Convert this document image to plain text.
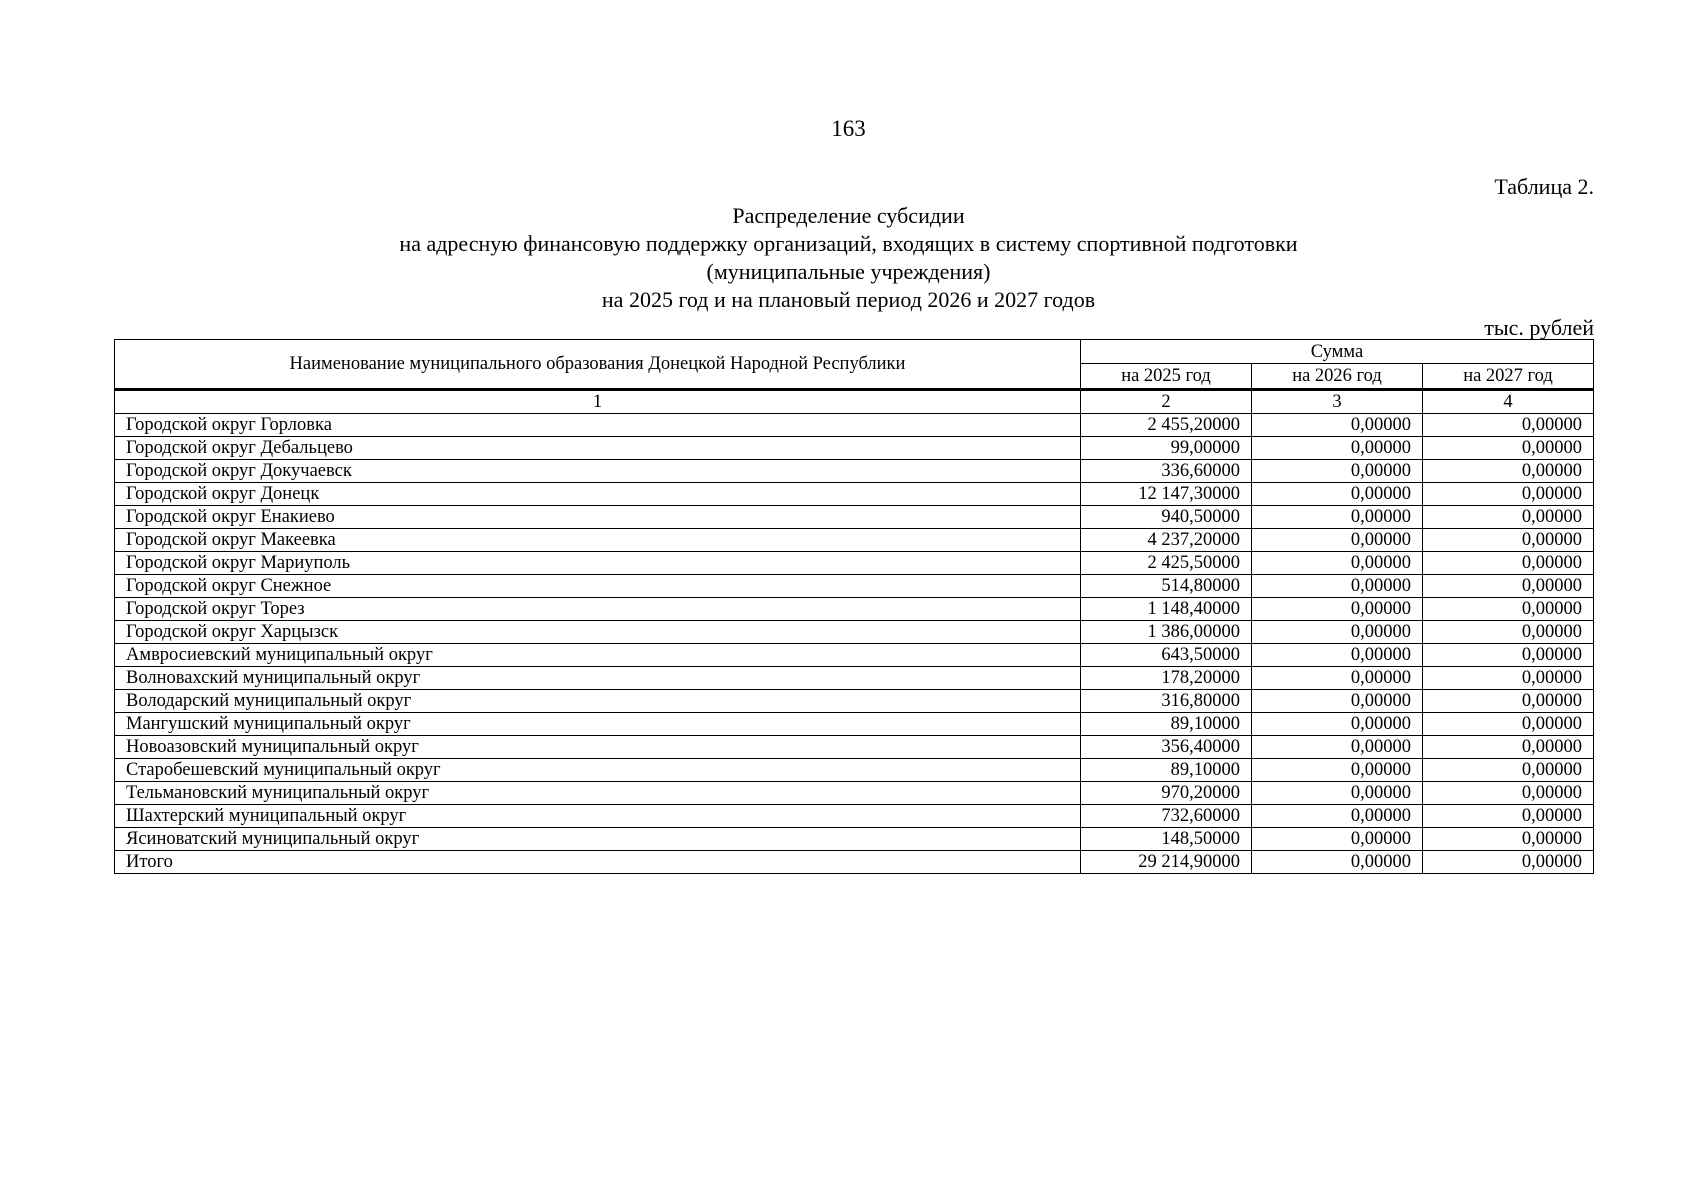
163
Таблица 2.
Распределение субсидии
на адресную финансовую поддержку организаций, входящих в систему спортивной подготовки
(муниципальные учреждения)
на 2025 год и на плановый период 2026 и 2027 годов
тыс. рублей
Наименование муниципального образования Донецкой Народной Республики	Сумма		
	на 2025 год	на 2026 год	на 2027 год
1	2	3	4
Городской округ Горловка	2 455,20000	0,00000	0,00000
Городской округ Дебальцево	99,00000	0,00000	0,00000
Городской округ Докучаевск	336,60000	0,00000	0,00000
Городской округ Донецк	12 147,30000	0,00000	0,00000
Городской округ Енакиево	940,50000	0,00000	0,00000
Городской округ Макеевка	4 237,20000	0,00000	0,00000
Городской округ Мариуполь	2 425,50000	0,00000	0,00000
Городской округ Снежное	514,80000	0,00000	0,00000
Городской округ Торез	1 148,40000	0,00000	0,00000
Городской округ Харцызск	1 386,00000	0,00000	0,00000
Амвросиевский муниципальный округ	643,50000	0,00000	0,00000
Волновахский муниципальный округ	178,20000	0,00000	0,00000
Володарский муниципальный округ	316,80000	0,00000	0,00000
Мангушский муниципальный округ	89,10000	0,00000	0,00000
Новоазовский муниципальный округ	356,40000	0,00000	0,00000
Старобешевский муниципальный округ	89,10000	0,00000	0,00000
Тельмановский муниципальный округ	970,20000	0,00000	0,00000
Шахтерский муниципальный округ	732,60000	0,00000	0,00000
Ясиноватский муниципальный округ	148,50000	0,00000	0,00000
Итого	29 214,90000	0,00000	0,00000
